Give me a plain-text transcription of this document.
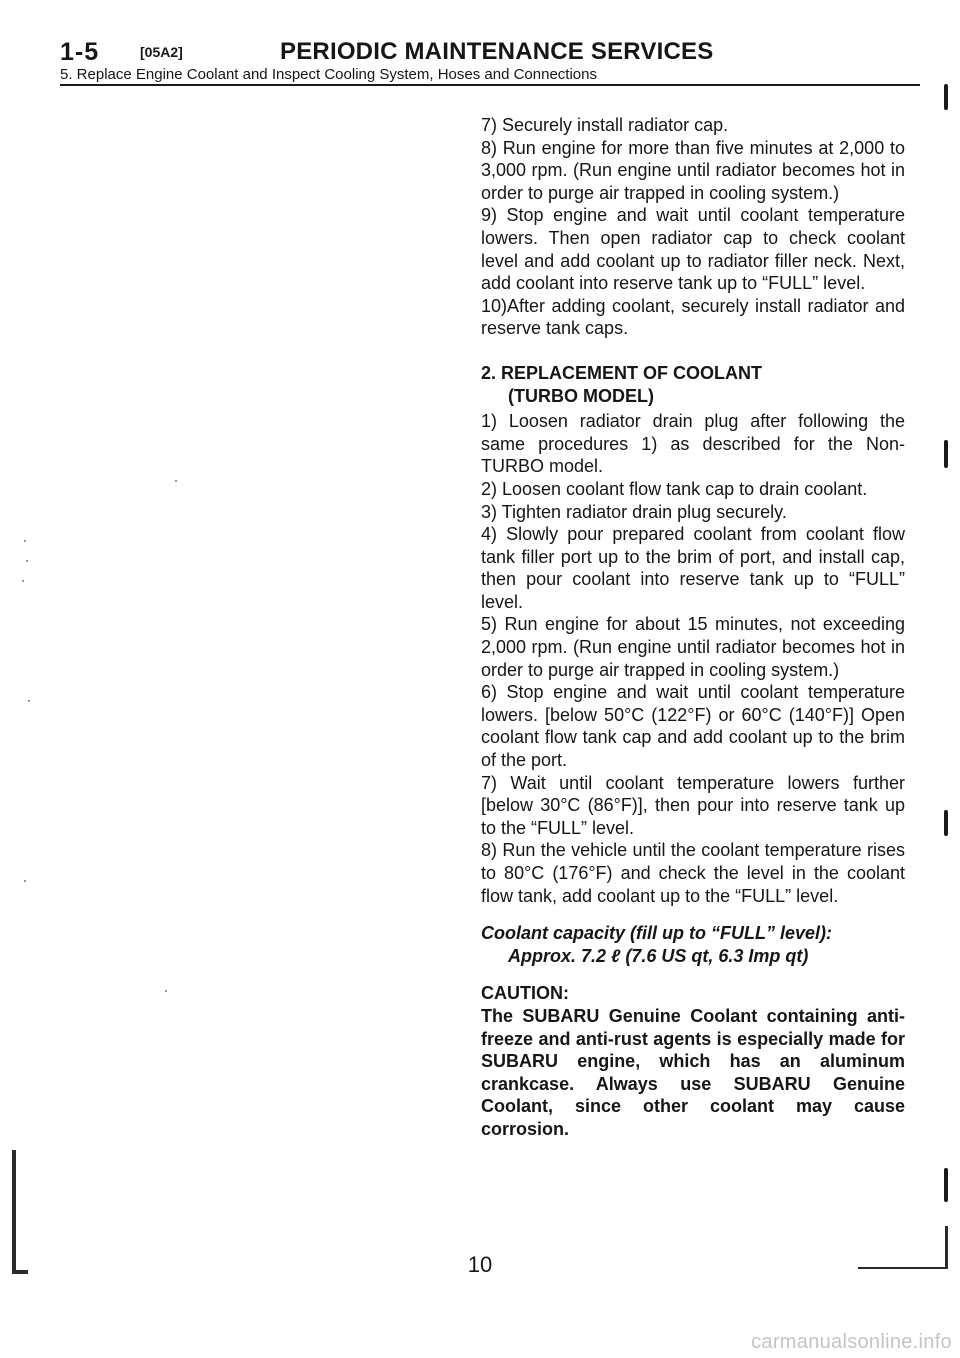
1-5	[05A2]	PERIODIC MAINTENANCE SERVICES
5. Replace Engine Coolant and Inspect Cooling System, Hoses and Connections

7) Securely install radiator cap.

8) Run engine for more than five minutes at 2,000 to 3,000 rpm. (Run engine until radiator becomes hot in order to purge air trapped in cooling system.)

9) Stop engine and wait until coolant temperature lowers. Then open radiator cap to check coolant level and add coolant up to radiator filler neck. Next, add coolant into reserve tank up to “FULL” level.

10)After adding coolant, securely install radiator and reserve tank caps.

2. REPLACEMENT OF COOLANT

(TURBO MODEL)

1) Loosen radiator drain plug after following the same procedures 1) as described for the Non-TURBO model.

2) Loosen coolant flow tank cap to drain coolant.

3) Tighten radiator drain plug securely.

4) Slowly pour prepared coolant from coolant flow tank filler port up to the brim of port, and install cap, then pour coolant into reserve tank up to “FULL” level.

5) Run engine for about 15 minutes, not exceeding 2,000 rpm. (Run engine until radiator becomes hot in order to purge air trapped in cooling system.)

6) Stop engine and wait until coolant temperature lowers. [below 50°C (122°F) or 60°C (140°F)] Open coolant flow tank cap and add coolant up to the brim of the port.

7) Wait until coolant temperature lowers further [below 30°C (86°F)], then pour into reserve tank up to the “FULL” level.

8) Run the vehicle until the coolant temperature rises to 80°C (176°F) and check the level in the coolant flow tank, add coolant up to the “FULL” level.

Coolant capacity (fill up to “FULL” level):

Approx. 7.2 ℓ (7.6 US qt, 6.3 Imp qt)

CAUTION:

The SUBARU Genuine Coolant containing anti-freeze and anti-rust agents is especially made for SUBARU engine, which has an aluminum crankcase. Always use SUBARU Genuine Coolant, since other coolant may cause corrosion.

10
carmanualsonline.info
